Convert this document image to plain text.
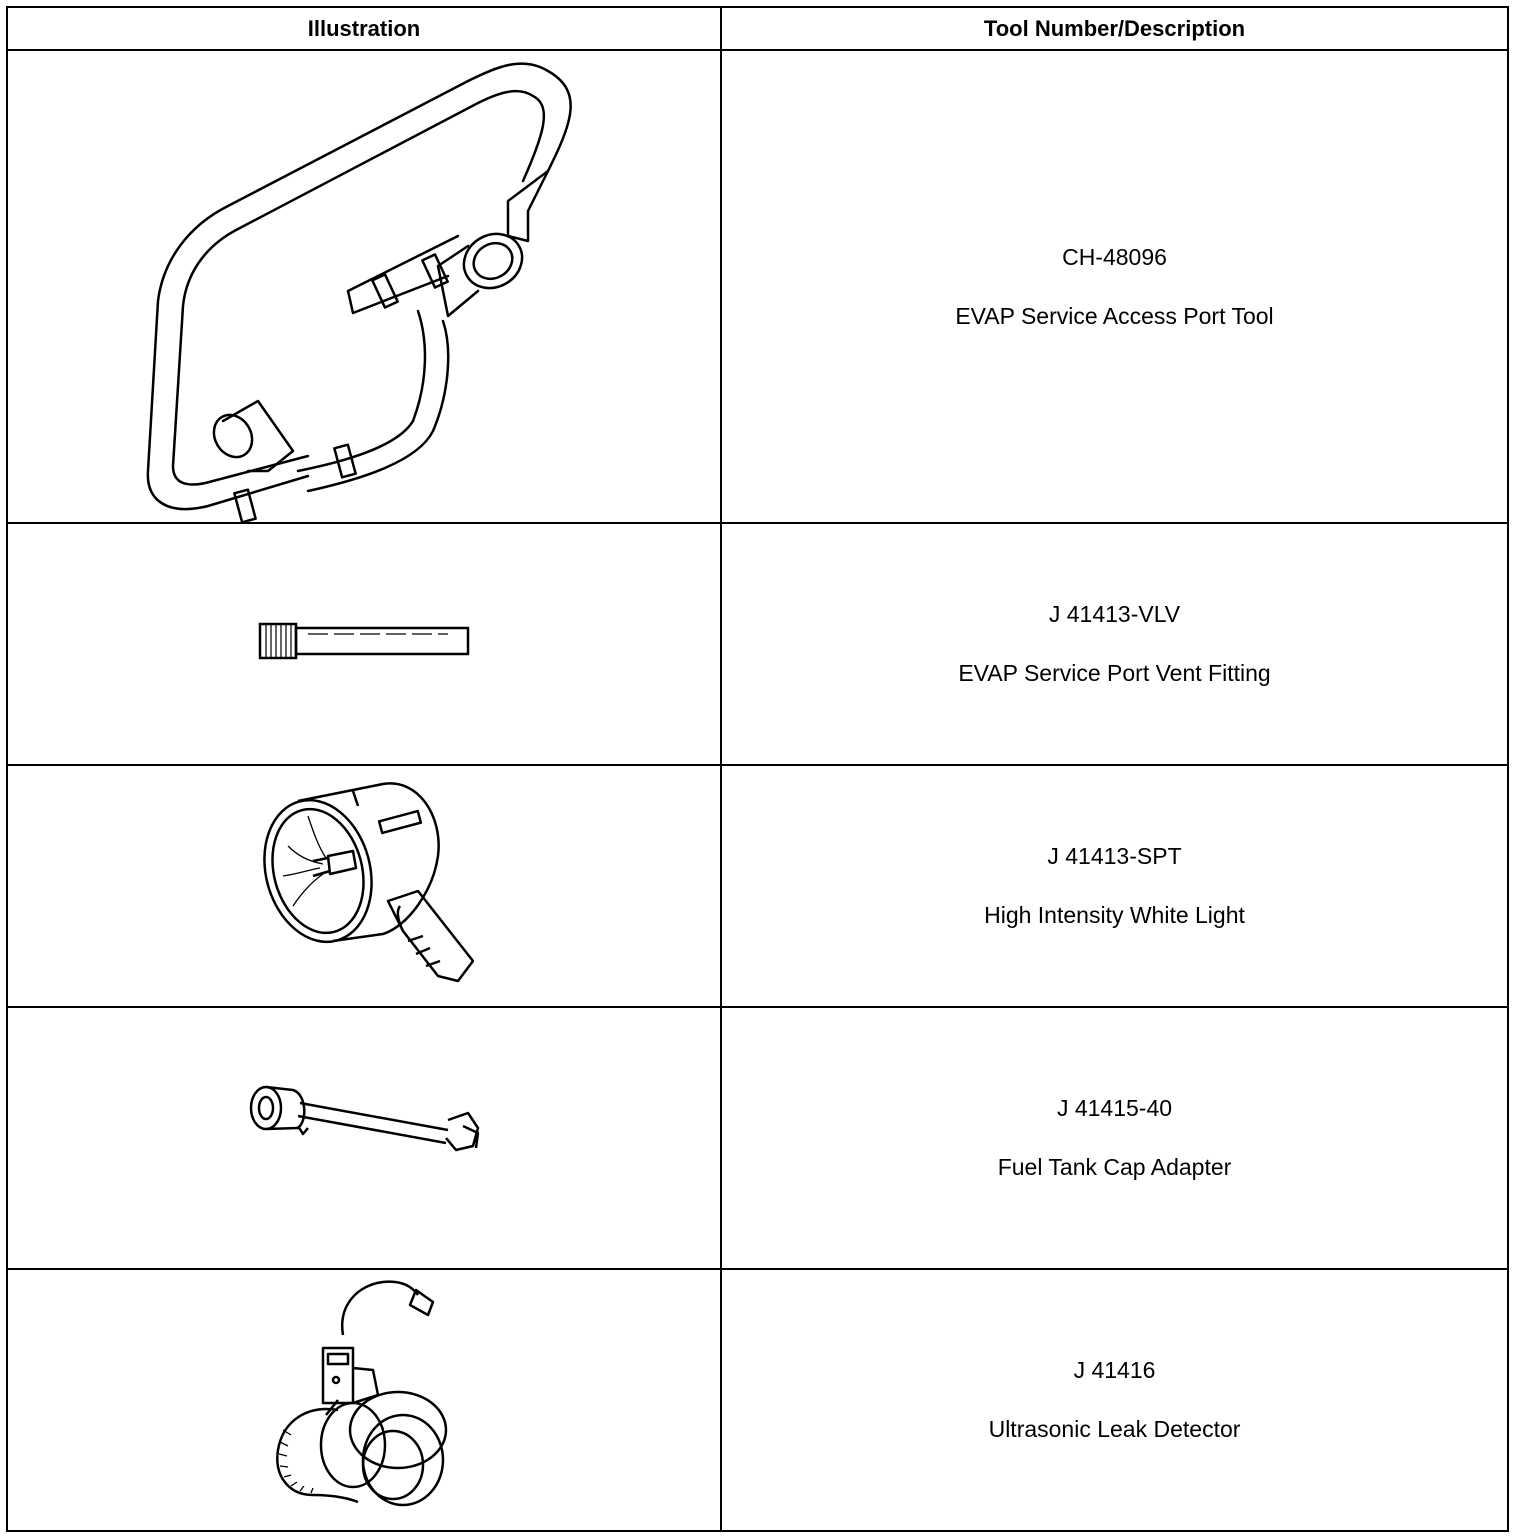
Illustration	Tool Number/Description

CH-48096
EVAP Service Access Port Tool

J 41413-VLV
EVAP Service Port Vent Fitting

J 41413-SPT
High Intensity White Light

J 41415-40
Fuel Tank Cap Adapter

J 41416
Ultrasonic Leak Detector
